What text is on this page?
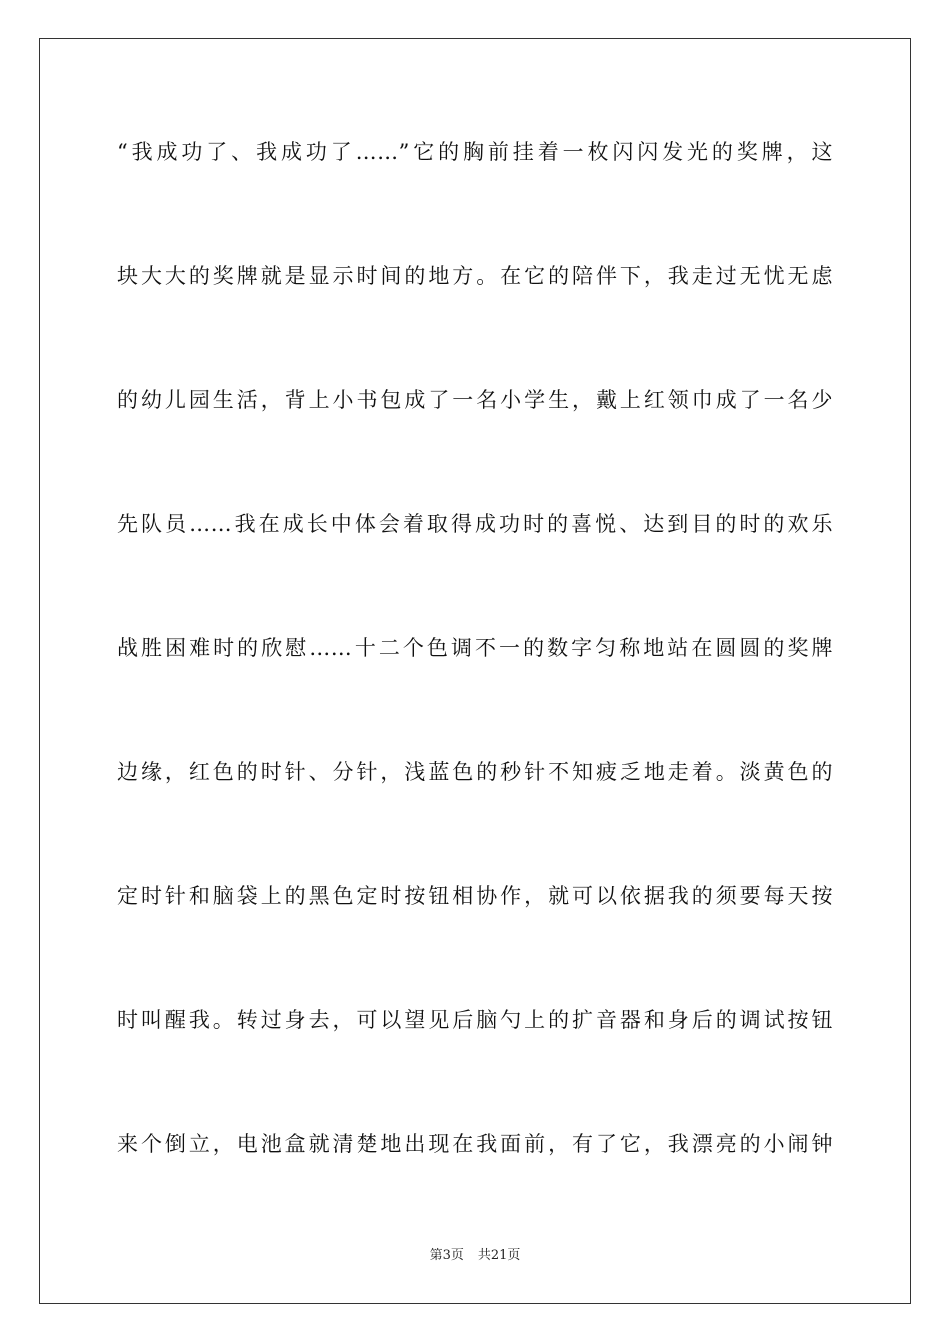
“我成功了、我成功了……”它的胸前挂着一枚闪闪发光的奖牌，这
块大大的奖牌就是显示时间的地方。在它的陪伴下，我走过无忧无虑
的幼儿园生活，背上小书包成了一名小学生，戴上红领巾成了一名少
先队员……我在成长中体会着取得成功时的喜悦、达到目的时的欢乐
战胜困难时的欣慰……十二个色调不一的数字匀称地站在圆圆的奖牌
边缘，红色的时针、分针，浅蓝色的秒针不知疲乏地走着。淡黄色的
定时针和脑袋上的黑色定时按钮相协作，就可以依据我的须要每天按
时叫醒我。转过身去，可以望见后脑勺上的扩音器和身后的调试按钮
来个倒立，电池盒就清楚地出现在我面前，有了它，我漂亮的小闹钟
第3页 共21页
